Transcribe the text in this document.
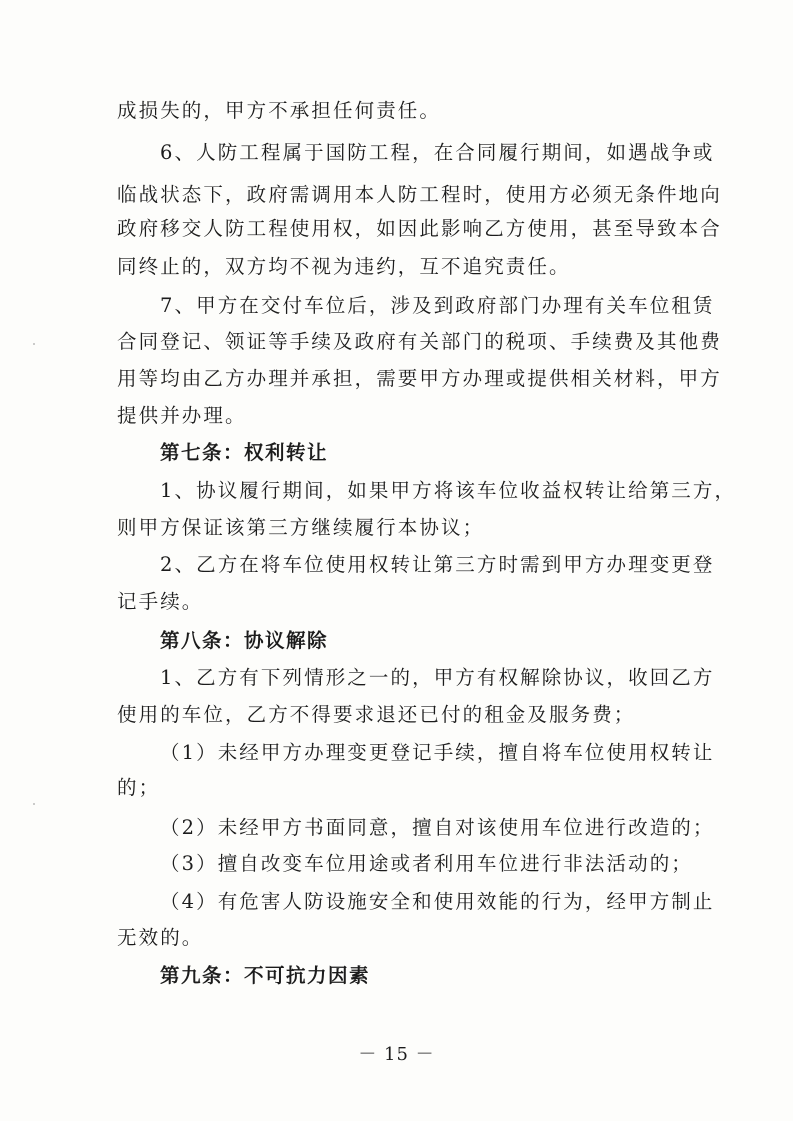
成损失的，甲方不承担任何责任。
6、人防工程属于国防工程，在合同履行期间，如遇战争或
临战状态下，政府需调用本人防工程时，使用方必须无条件地向
政府移交人防工程使用权，如因此影响乙方使用，甚至导致本合
同终止的，双方均不视为违约，互不追究责任。
7、甲方在交付车位后，涉及到政府部门办理有关车位租赁
合同登记、领证等手续及政府有关部门的税项、手续费及其他费
用等均由乙方办理并承担，需要甲方办理或提供相关材料，甲方
提供并办理。
第七条：权利转让
1、协议履行期间，如果甲方将该车位收益权转让给第三方，
则甲方保证该第三方继续履行本协议；
2、乙方在将车位使用权转让第三方时需到甲方办理变更登
记手续。
第八条：协议解除
1、乙方有下列情形之一的，甲方有权解除协议，收回乙方
使用的车位，乙方不得要求退还已付的租金及服务费；
（1）未经甲方办理变更登记手续，擅自将车位使用权转让
的；
（2）未经甲方书面同意，擅自对该使用车位进行改造的；
（3）擅自改变车位用途或者利用车位进行非法活动的；
（4）有危害人防设施安全和使用效能的行为，经甲方制止
无效的。
第九条：不可抗力因素
－ 15 －
